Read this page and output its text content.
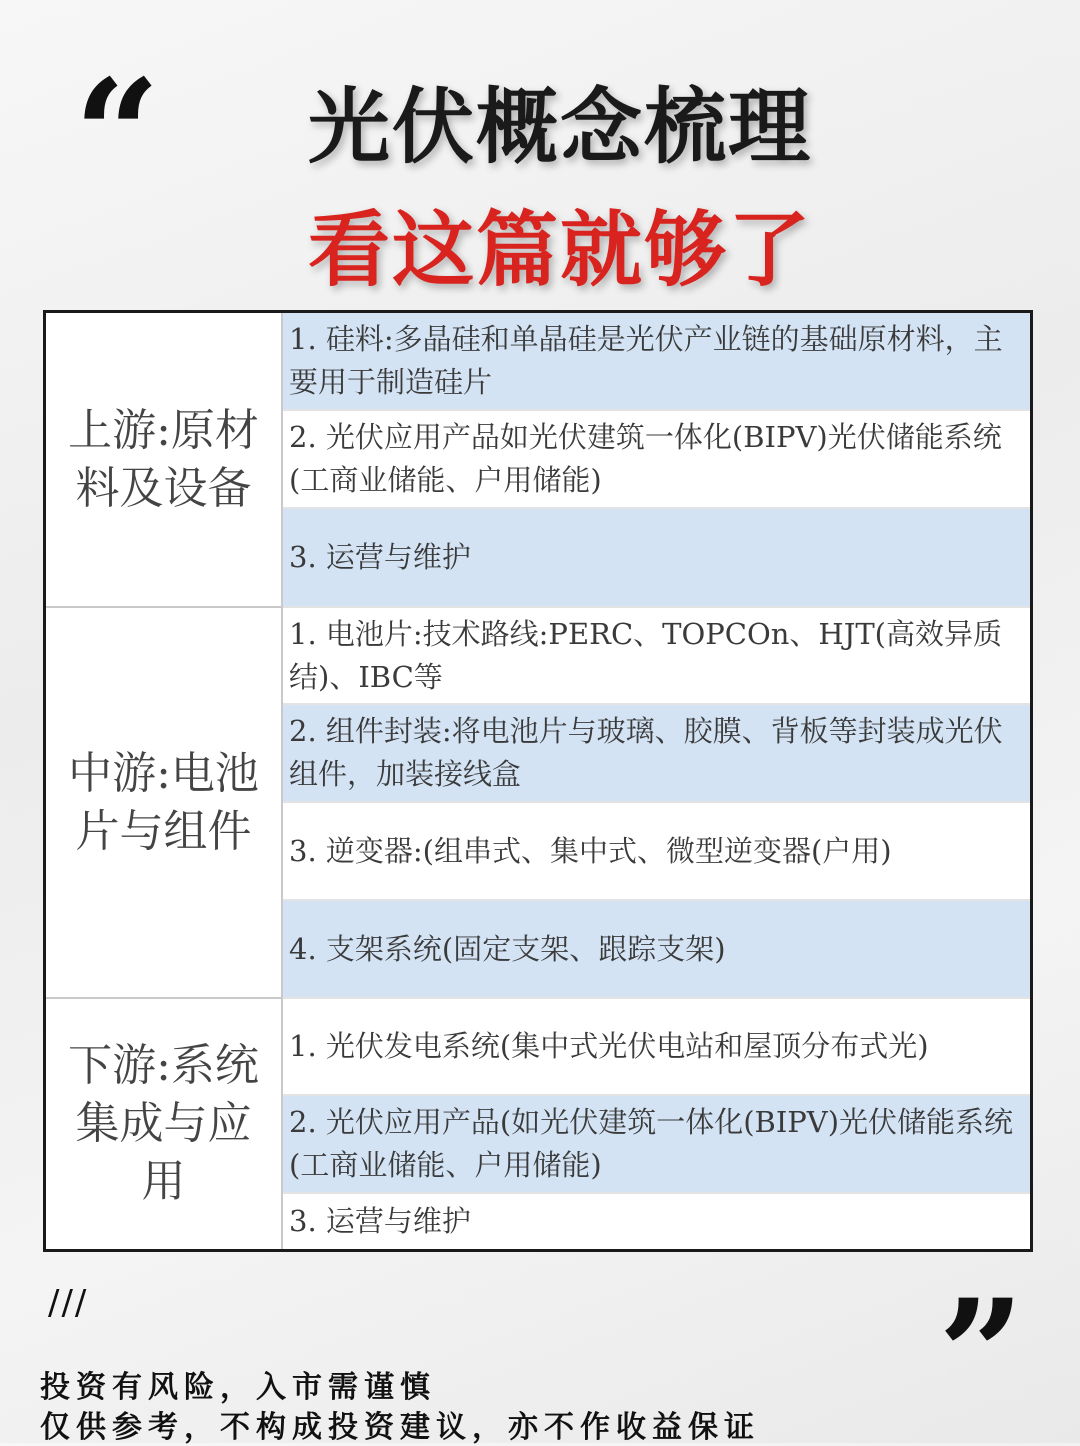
“	光伏概念梳理
看这篇就够了
上游:原材料及设备
1. 硅料:多晶硅和单晶硅是光伏产业链的基础原材料，主要用于制造硅片
2. 光伏应用产品如光伏建筑一体化(BIPV)光伏储能系统(工商业储能、户用储能)
3. 运营与维护
中游:电池片与组件
1. 电池片:技术路线:PERC、TOPCOn、HJT(高效异质结)、IBC等
2. 组件封装:将电池片与玻璃、胶膜、背板等封装成光伏组件，加装接线盒
3. 逆变器:(组串式、集中式、微型逆变器(户用)
4. 支架系统(固定支架、跟踪支架)
下游:系统集成与应用
1. 光伏发电系统(集中式光伏电站和屋顶分布式光)
2. 光伏应用产品(如光伏建筑一体化(BIPV)光伏储能系统(工商业储能、户用储能)
3. 运营与维护
///	”
投资有风险，入市需谨慎
仅供参考，不构成投资建议，亦不作收益保证
